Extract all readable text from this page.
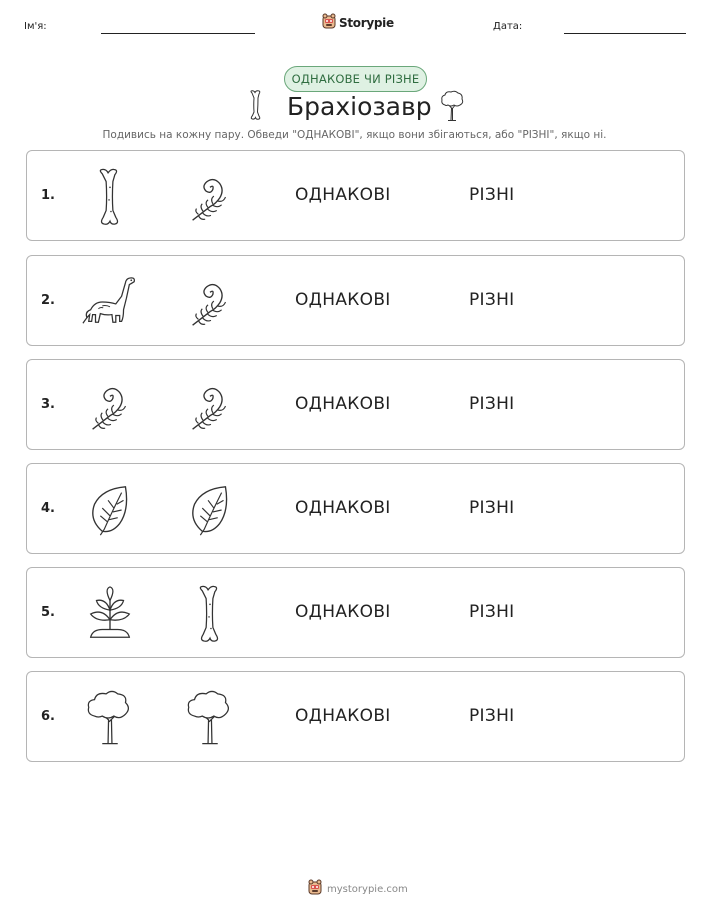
Ім'я:	Storypie	Дата:
ОДНАКОВЕ ЧИ РІЗНЕ
Брахіозавр
Подивись на кожну пару. Обведи "ОДНАКОВІ", якщо вони збігаються, або "РІЗНІ", якщо ні.
1.	ОДНАКОВІ	РІЗНІ
2.	ОДНАКОВІ	РІЗНІ
3.	ОДНАКОВІ	РІЗНІ
4.	ОДНАКОВІ	РІЗНІ
5.	ОДНАКОВІ	РІЗНІ
6.	ОДНАКОВІ	РІЗНІ
mystorypie.com
